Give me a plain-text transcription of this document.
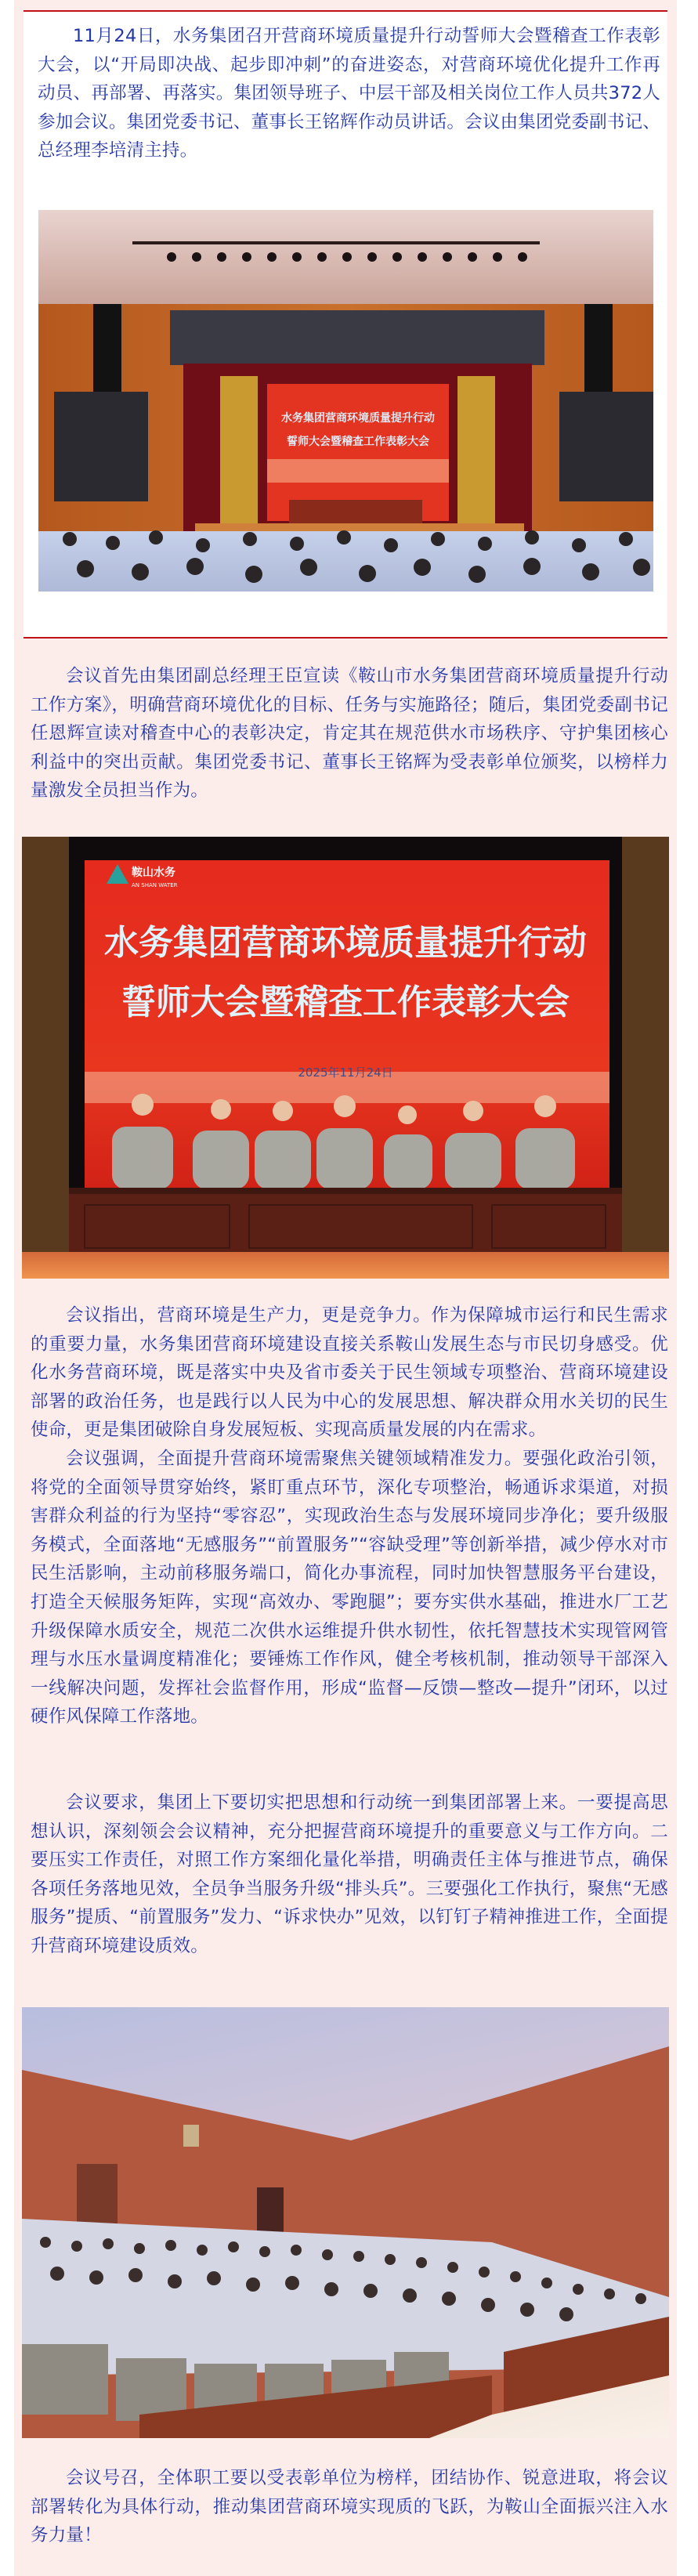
11月24日，水务集团召开营商环境质量提升行动誓师大会暨稽查工作表彰大会，以“开局即决战、起步即冲刺”的奋进姿态，对营商环境优化提升工作再动员、再部署、再落实。集团领导班子、中层干部及相关岗位工作人员共372人参加会议。集团党委书记、董事长王铭辉作动员讲话。会议由集团党委副书记、总经理李培清主持。

水务集团营商环境质量提升行动
誓师大会暨稽查工作表彰大会

会议首先由集团副总经理王臣宣读《鞍山市水务集团营商环境质量提升行动工作方案》，明确营商环境优化的目标、任务与实施路径；随后，集团党委副书记任恩辉宣读对稽查中心的表彰决定，肯定其在规范供水市场秩序、守护集团核心利益中的突出贡献。集团党委书记、董事长王铭辉为受表彰单位颁奖，以榜样力量激发全员担当作为。

鞍山水务
AN SHAN WATER
水务集团营商环境质量提升行动
誓师大会暨稽查工作表彰大会
2025年11月24日

会议指出，营商环境是生产力，更是竞争力。作为保障城市运行和民生需求的重要力量，水务集团营商环境建设直接关系鞍山发展生态与市民切身感受。优化水务营商环境，既是落实中央及省市委关于民生领域专项整治、营商环境建设部署的政治任务，也是践行以人民为中心的发展思想、解决群众用水关切的民生使命，更是集团破除自身发展短板、实现高质量发展的内在需求。

会议强调，全面提升营商环境需聚焦关键领域精准发力。要强化政治引领，将党的全面领导贯穿始终，紧盯重点环节，深化专项整治，畅通诉求渠道，对损害群众利益的行为坚持“零容忍”，实现政治生态与发展环境同步净化；要升级服务模式，全面落地“无感服务”“前置服务”“容缺受理”等创新举措，减少停水对市民生活影响，主动前移服务端口，简化办事流程，同时加快智慧服务平台建设，打造全天候服务矩阵，实现“高效办、零跑腿”；要夯实供水基础，推进水厂工艺升级保障水质安全，规范二次供水运维提升供水韧性，依托智慧技术实现管网管理与水压水量调度精准化；要锤炼工作作风，健全考核机制，推动领导干部深入一线解决问题，发挥社会监督作用，形成“监督—反馈—整改—提升”闭环，以过硬作风保障工作落地。

会议要求，集团上下要切实把思想和行动统一到集团部署上来。一要提高思想认识，深刻领会会议精神，充分把握营商环境提升的重要意义与工作方向。二要压实工作责任，对照工作方案细化量化举措，明确责任主体与推进节点，确保各项任务落地见效，全员争当服务升级“排头兵”。三要强化工作执行，聚焦“无感服务”提质、“前置服务”发力、“诉求快办”见效，以钉钉子精神推进工作，全面提升营商环境建设质效。

会议号召，全体职工要以受表彰单位为榜样，团结协作、锐意进取，将会议部署转化为具体行动，推动集团营商环境实现质的飞跃，为鞍山全面振兴注入水务力量！
